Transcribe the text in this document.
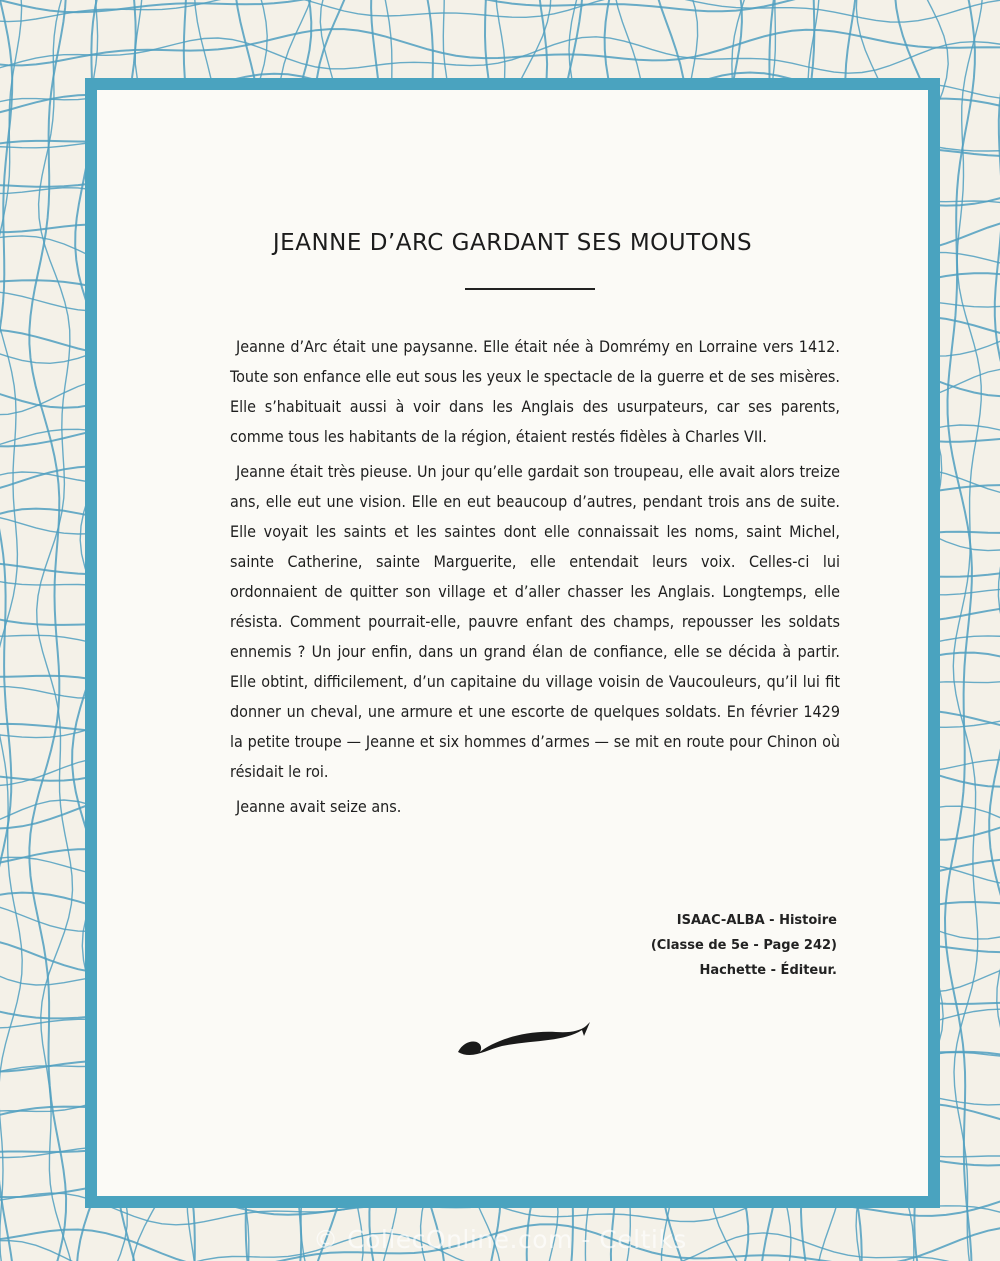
JEANNE D’ARC GARDANT SES MOUTONS

Jeanne d’Arc était une paysanne. Elle était née à Domrémy en Lorraine vers 1412. Toute son enfance elle eut sous les yeux le spectacle de la guerre et de ses misères. Elle s’habituait aussi à voir dans les Anglais des usurpateurs, car ses parents, comme tous les habitants de la région, étaient restés fidèles à Charles VII.

Jeanne était très pieuse. Un jour qu’elle gardait son troupeau, elle avait alors treize ans, elle eut une vision. Elle en eut beaucoup d’autres, pendant trois ans de suite. Elle voyait les saints et les saintes dont elle connaissait les noms, saint Michel, sainte Catherine, sainte Marguerite, elle entendait leurs voix. Celles-ci lui ordonnaient de quitter son village et d’aller chasser les Anglais. Longtemps, elle résista. Comment pourrait-elle, pauvre enfant des champs, repousser les soldats ennemis ? Un jour enfin, dans un grand élan de confiance, elle se décida à partir. Elle obtint, difficilement, d’un capitaine du village voisin de Vaucouleurs, qu’il lui fit donner un cheval, une armure et une escorte de quelques soldats. En février 1429 la petite troupe — Jeanne et six hommes d’armes — se mit en route pour Chinon où résidait le roi.

Jeanne avait seize ans.

ISAAC-ALBA - Histoire
(Classe de 5e - Page 242)
Hachette - Éditeur.
© CollecOnline.com - Celtiks
